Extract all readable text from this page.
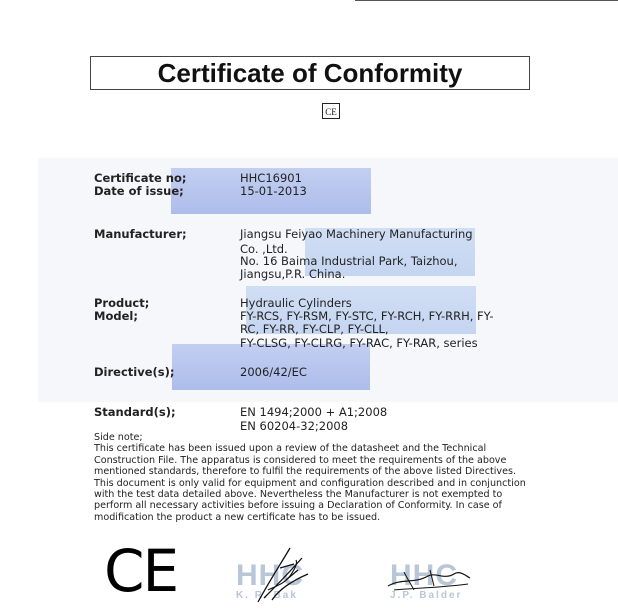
Certificate of Conformity
CE
Certificate no;	HHC16901
Date of issue;	15-01-2013
Manufacturer;	Jiangsu Feiyao Machinery Manufacturing
Co. ,Ltd.
No. 16 Baima Industrial Park, Taizhou,
Jiangsu,P.R. China.
Product;	Hydraulic Cylinders
Model;	FY-RCS, FY-RSM, FY-STC, FY-RCH, FY-RRH, FY-
RC, FY-RR, FY-CLP, FY-CLL,
FY-CLSG, FY-CLRG, FY-RAC, FY-RAR, series
Directive(s);	2006/42/EC
Standard(s);	EN 1494;2000 + A1;2008
EN 60204-32;2008

Side note;

This certificate has been issued upon a review of the datasheet and the Technical

Construction File. The apparatus is considered to meet the requirements of the above

mentioned standards, therefore to fulfil the requirements of the above listed Directives.

This document is only valid for equipment and configuration described and in conjunction

with the test data detailed above. Nevertheless the Manufacturer is not exempted to

perform all necessary activities before issuing a Declaration of Conformity. In case of

modification the product a new certificate has to be issued.

CE HHC
K. R. Bak
HHC
J.P. Balder
